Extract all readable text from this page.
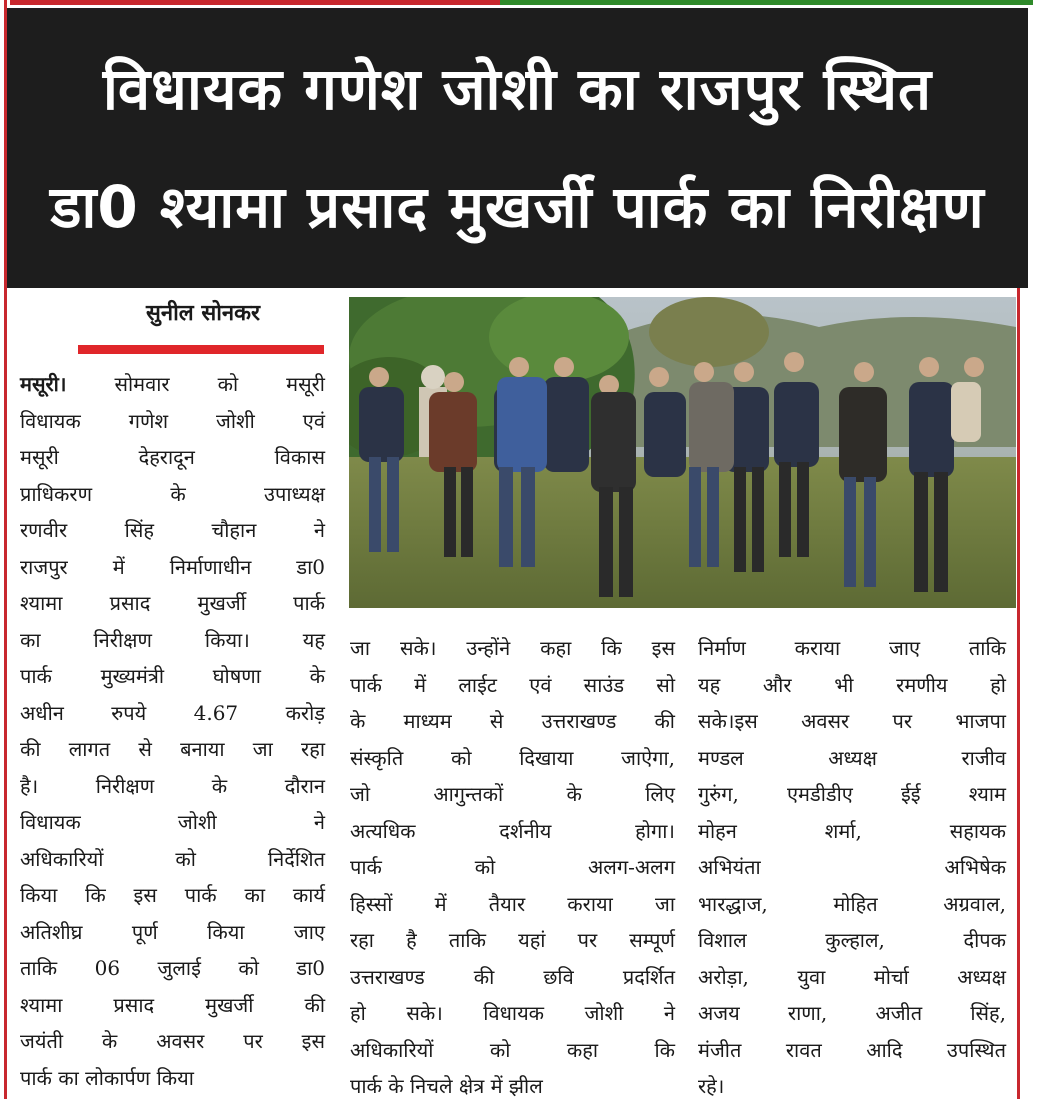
विधायक गणेश जोशी का राजपुर स्थित
डा0 श्यामा प्रसाद मुखर्जी पार्क का निरीक्षण
सुनील सोनकर
मसूरी। सोमवार को मसूरी
विधायक गणेश जोशी एवं
मसूरी देहरादून विकास
प्राधिकरण के उपाध्यक्ष
रणवीर सिंह चौहान ने
राजपुर में निर्माणाधीन डा0
श्यामा प्रसाद मुखर्जी पार्क
का निरीक्षण किया। यह
पार्क मुख्यमंत्री घोषणा के
अधीन रुपये 4.67 करोड़
की लागत से बनाया जा रहा
है। निरीक्षण के दौरान
विधायक जोशी ने
अधिकारियों को निर्देशित
किया कि इस पार्क का कार्य
अतिशीघ्र पूर्ण किया जाए
ताकि 06 जुलाई को डा0
श्यामा प्रसाद मुखर्जी की
जयंती के अवसर पर इस
पार्क का लोकार्पण किया
जा सके। उन्होंने कहा कि इस
पार्क में लाईट एवं साउंड सो
के माध्यम से उत्तराखण्ड की
संस्कृति को दिखाया जाऐगा,
जो आगुन्तकों के लिए
अत्यधिक दर्शनीय होगा।
पार्क को अलग-अलग
हिस्सों में तैयार कराया जा
रहा है ताकि यहां पर सम्पूर्ण
उत्तराखण्ड की छवि प्रदर्शित
हो सके। विधायक जोशी ने
अधिकारियों को कहा कि
पार्क के निचले क्षेत्र में झील
निर्माण कराया जाए ताकि
यह और भी रमणीय हो
सके।इस अवसर पर भाजपा
मण्डल अध्यक्ष राजीव
गुरुंग, एमडीडीए ईई श्याम
मोहन शर्मा, सहायक
अभियंता अभिषेक
भारद्धाज, मोहित अग्रवाल,
विशाल कुल्हाल, दीपक
अरोड़ा, युवा मोर्चा अध्यक्ष
अजय राणा, अजीत सिंह,
मंजीत रावत आदि उपस्थित
रहे।
